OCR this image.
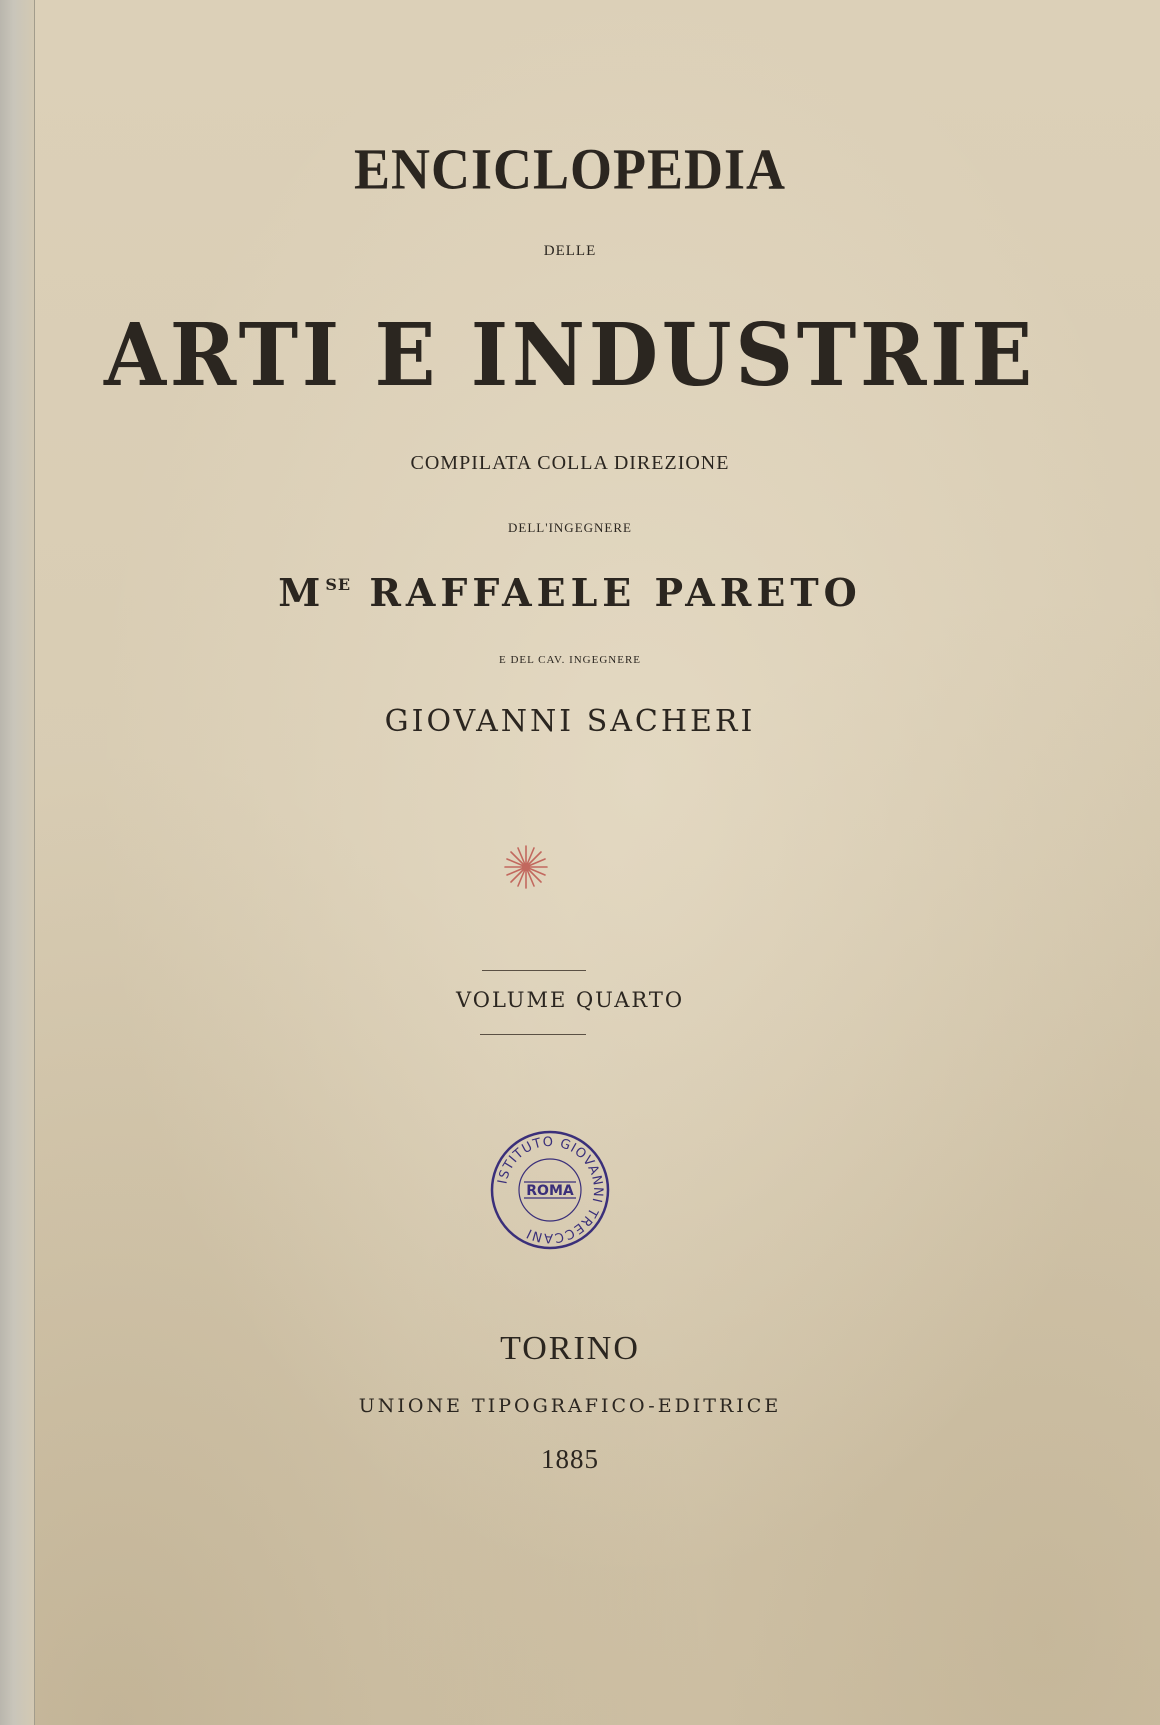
ENCICLOPEDIA
DELLE
ARTI E INDUSTRIE
COMPILATA COLLA DIREZIONE
DELL'INGEGNERE
$M^{SE}$ RAFFAELE PARETO
E DEL CAV. INGEGNERE
GIOVANNI SACHERI
VOLUME QUARTO
ISTITUTO GIOVANNI TRECCANI
ROMA
TORINO
UNIONE TIPOGRAFICO-EDITRICE
1885
